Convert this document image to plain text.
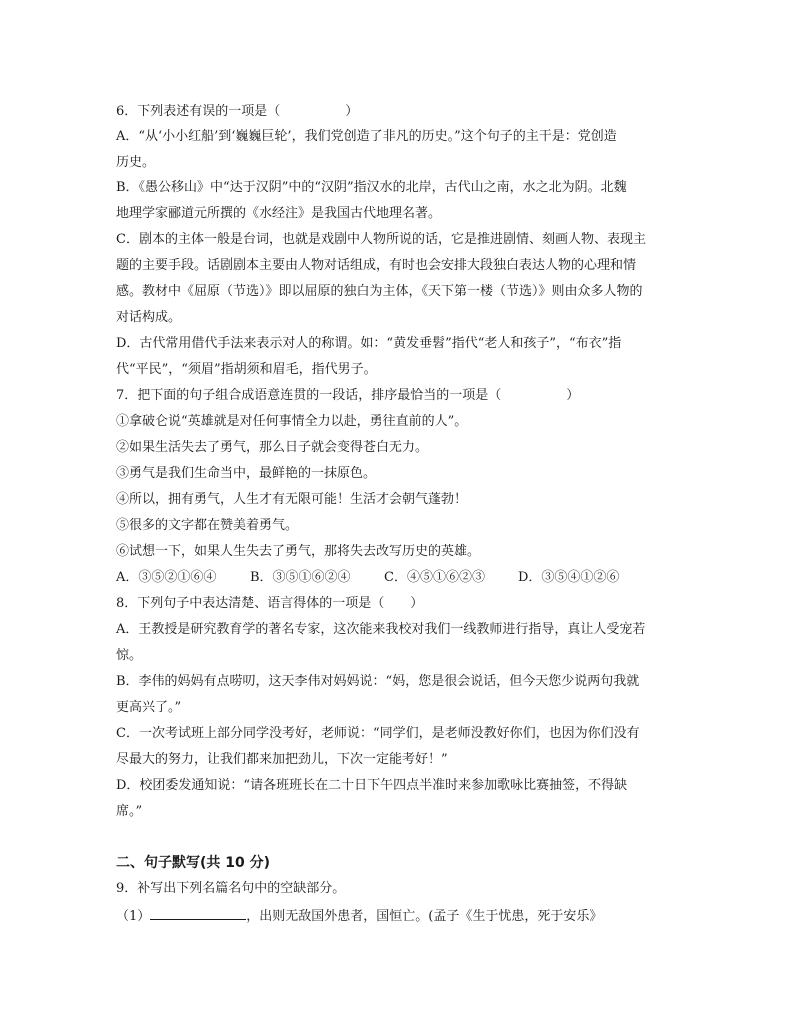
6．下列表述有误的一项是（　　　　　）
A．“从‘小小红船’到‘巍巍巨轮’，我们党创造了非凡的历史。”这个句子的主干是：党创造
历史。
B．《愚公移山》中“达于汉阴”中的“汉阴”指汉水的北岸，古代山之南，水之北为阴。北魏
地理学家郦道元所撰的《水经注》是我国古代地理名著。
C．剧本的主体一般是台词，也就是戏剧中人物所说的话，它是推进剧情、刻画人物、表现主
题的主要手段。话剧剧本主要由人物对话组成，有时也会安排大段独白表达人物的心理和情
感。教材中《屈原（节选）》即以屈原的独白为主体，《天下第一楼（节选）》则由众多人物的
对话构成。
D．古代常用借代手法来表示对人的称谓。如：“黄发垂髫”指代“老人和孩子”，“布衣”指
代“平民”，“须眉”指胡须和眉毛，指代男子。
7．把下面的句子组合成语意连贯的一段话，排序最恰当的一项是（　　　　　）
①拿破仑说“英雄就是对任何事情全力以赴，勇往直前的人”。
②如果生活失去了勇气，那么日子就会变得苍白无力。
③勇气是我们生命当中，最鲜艳的一抹原色。
④所以，拥有勇气，人生才有无限可能！生活才会朝气蓬勃！
⑤很多的文字都在赞美着勇气。
⑥试想一下，如果人生失去了勇气，那将失去改写历史的英雄。
A．③⑤②①⑥④	B．③⑤①⑥②④	C．④⑤①⑥②③	D．③⑤④①②⑥
8．下列句子中表达清楚、语言得体的一项是（　　）
A．王教授是研究教育学的著名专家，这次能来我校对我们一线教师进行指导，真让人受宠若
惊。
B．李伟的妈妈有点唠叨，这天李伟对妈妈说：“妈，您是很会说话，但今天您少说两句我就
更高兴了。”
C．一次考试班上部分同学没考好，老师说：“同学们，是老师没教好你们，也因为你们没有
尽最大的努力，让我们都来加把劲儿，下次一定能考好！”
D．校团委发通知说：“请各班班长在二十日下午四点半准时来参加歌咏比赛抽签，不得缺
席。”
二、句子默写(共 10 分)
9．补写出下列名篇名句中的空缺部分。
（1）	，出则无敌国外患者，国恒亡。(孟子《生于忧患，死于安乐》
